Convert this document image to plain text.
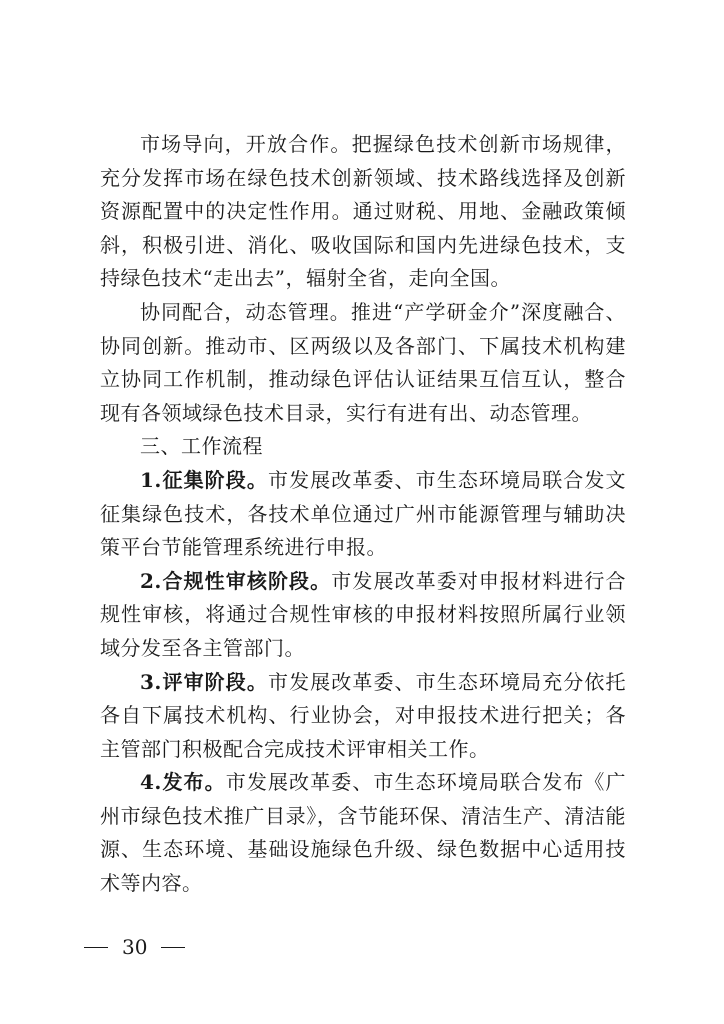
市场导向，开放合作。把握绿色技术创新市场规律，充分发挥市场在绿色技术创新领域、技术路线选择及创新资源配置中的决定性作用。通过财税、用地、金融政策倾斜，积极引进、消化、吸收国际和国内先进绿色技术，支持绿色技术“走出去”，辐射全省，走向全国。

协同配合，动态管理。推进“产学研金介”深度融合、协同创新。推动市、区两级以及各部门、下属技术机构建立协同工作机制，推动绿色评估认证结果互信互认，整合现有各领域绿色技术目录，实行有进有出、动态管理。

三、工作流程

1.征集阶段。市发展改革委、市生态环境局联合发文征集绿色技术，各技术单位通过广州市能源管理与辅助决策平台节能管理系统进行申报。

2.合规性审核阶段。市发展改革委对申报材料进行合规性审核，将通过合规性审核的申报材料按照所属行业领域分发至各主管部门。

3.评审阶段。市发展改革委、市生态环境局充分依托各自下属技术机构、行业协会，对申报技术进行把关；各主管部门积极配合完成技术评审相关工作。

4.发布。市发展改革委、市生态环境局联合发布《广州市绿色技术推广目录》，含节能环保、清洁生产、清洁能源、生态环境、基础设施绿色升级、绿色数据中心适用技术等内容。

30
